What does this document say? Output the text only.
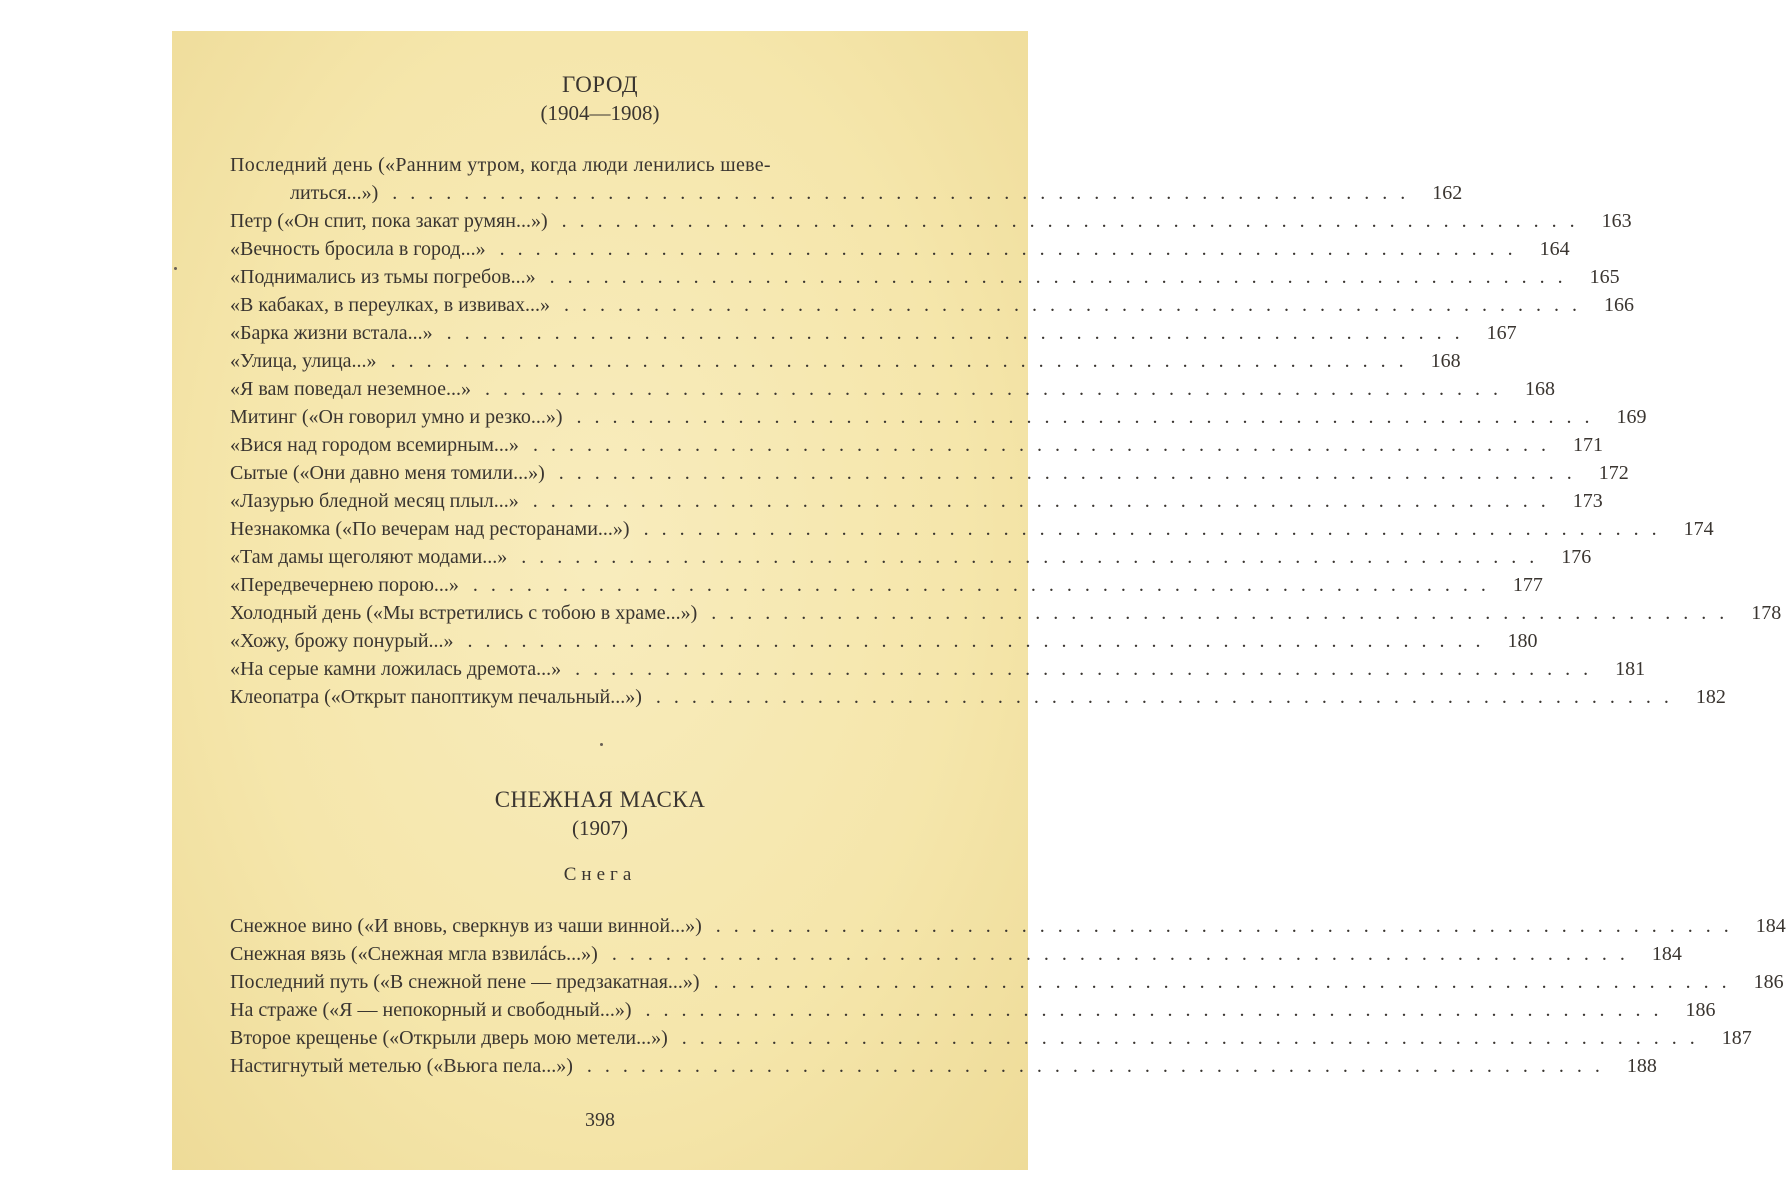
ГОРОД
(1904—1908)
Последний день («Ранним утром, когда люди ленились шеве-
литься...») ......................................................... 162
Петр («Он спит, пока закат румян...») ......................................................... 163
«Вечность бросила в город...» ......................................................... 164
«Поднимались из тьмы погребов...» ......................................................... 165
«В кабаках, в переулках, в извивах...» ......................................................... 166
«Барка жизни встала...» ......................................................... 167
«Улица, улица...» ......................................................... 168
«Я вам поведал неземное...» ......................................................... 168
Митинг («Он говорил умно и резко...») ......................................................... 169
«Вися над городом всемирным...» ......................................................... 171
Сытые («Они давно меня томили...») ......................................................... 172
«Лазурью бледной месяц плыл...» ......................................................... 173
Незнакомка («По вечерам над ресторанами...») ......................................................... 174
«Там дамы щеголяют модами...» ......................................................... 176
«Передвечернею порою...» ......................................................... 177
Холодный день («Мы встретились с тобою в храме...») ......................................................... 178
«Хожу, брожу понурый...» ......................................................... 180
«На серые камни ложилась дремота...» ......................................................... 181
Клеопатра («Открыт паноптикум печальный...») ......................................................... 182
СНЕЖНАЯ МАСКА
(1907)
Снега
Снежное вино («И вновь, сверкнув из чаши винной...») ......................................................... 184
Снежная вязь («Снежная мгла взвилáсь...») ......................................................... 184
Последний путь («В снежной пене — предзакатная...») ......................................................... 186
На страже («Я — непокорный и свободный...») ......................................................... 186
Второе крещенье («Открыли дверь мою метели...») ......................................................... 187
Настигнутый метелью («Вьюга пела...») ......................................................... 188
398
